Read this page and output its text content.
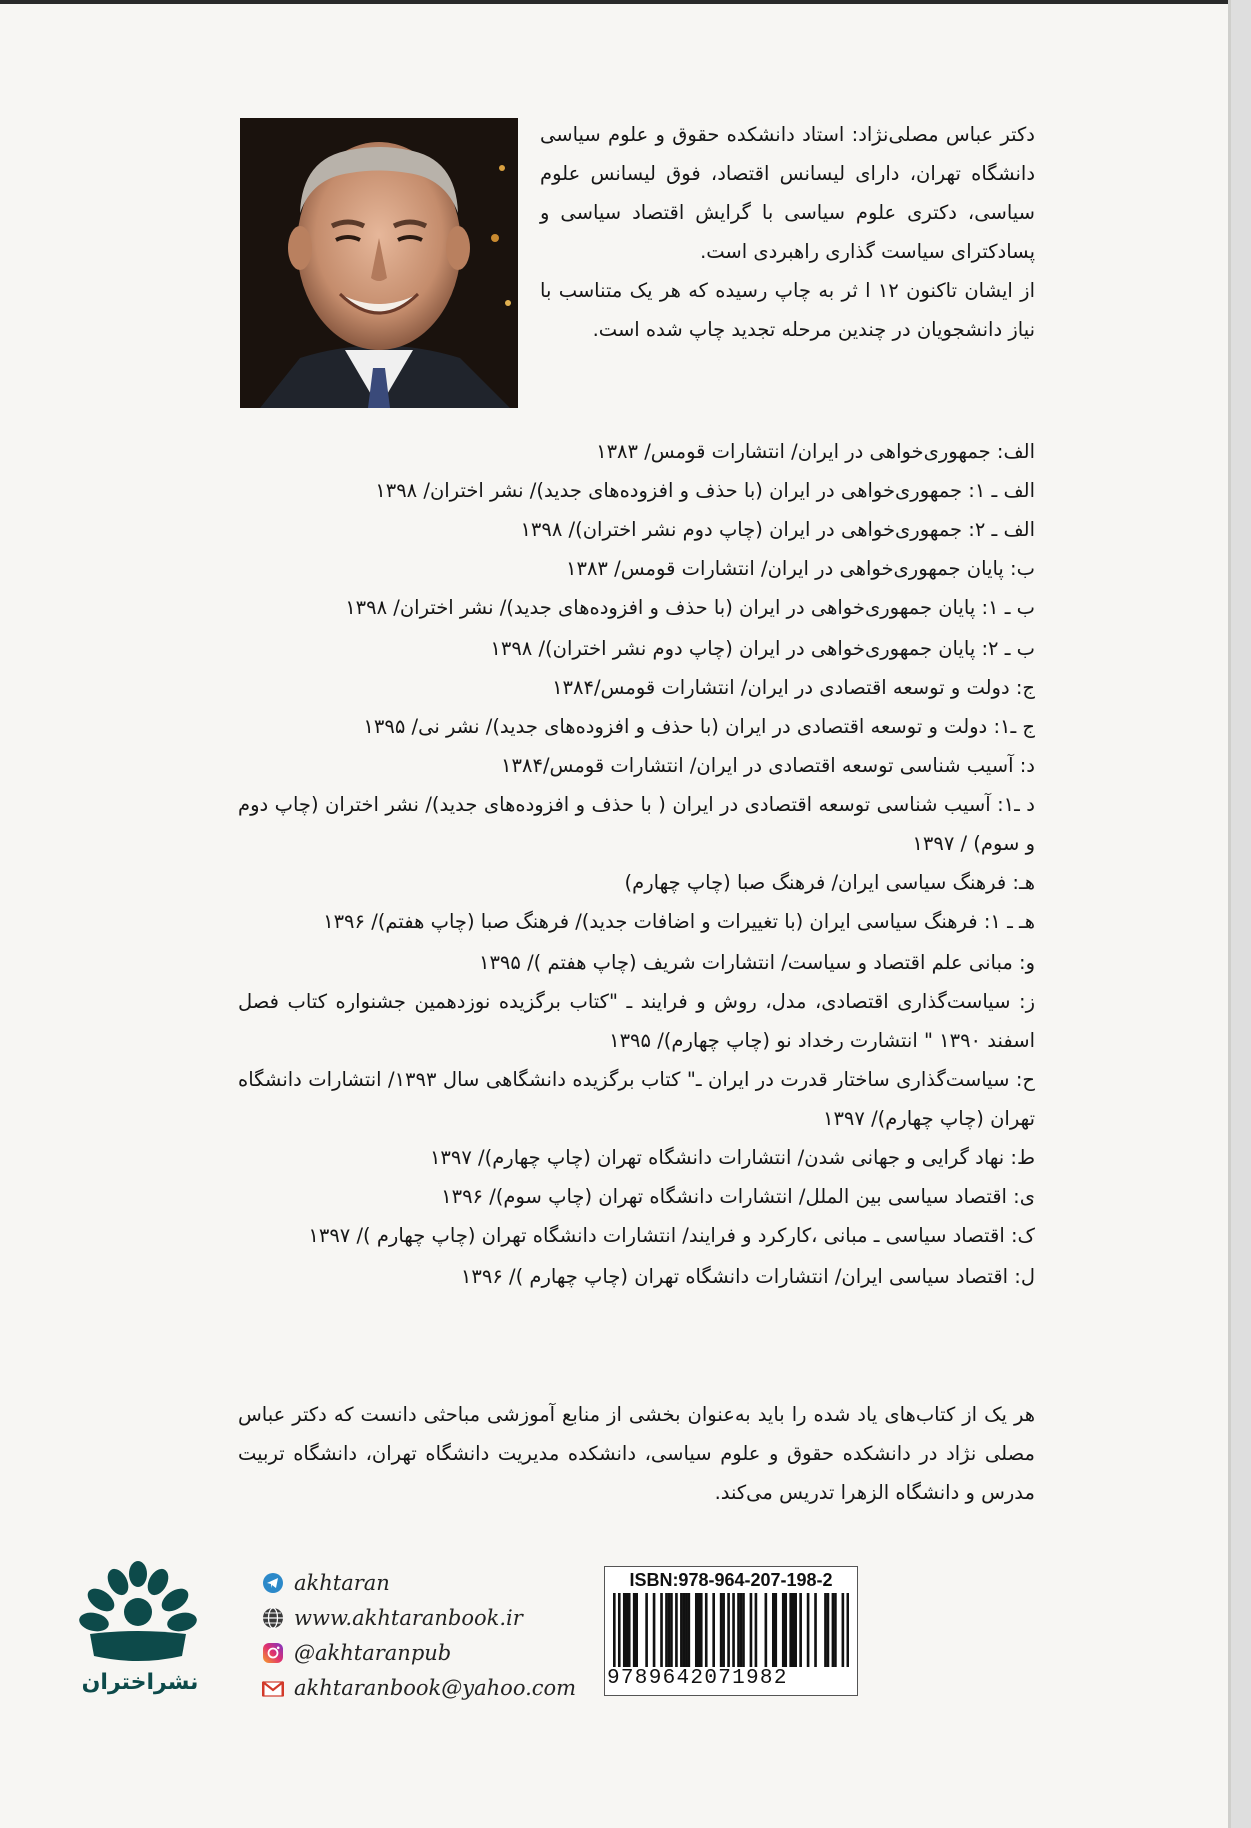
دکتر عباس مصلی‌نژاد: استاد دانشکده حقوق و علوم سیاسی دانشگاه تهران، دارای لیسانس اقتصاد، فوق لیسانس علوم سیاسی، دکتری علوم سیاسی با گرایش اقتصاد سیاسی و پسادکترای سیاست گذاری راهبردی است.

از ایشان تاکنون ۱۲ ا ثر به چاپ رسیده که هر یک متناسب با نیاز دانشجویان در چندین مرحله تجدید چاپ شده است.

الف: جمهوری‌خواهی در ایران/ انتشارات قومس/ ۱۳۸۳

الف ـ ۱: جمهوری‌خواهی در ایران (با حذف و افزوده‌های جدید)/ نشر اختران/ ۱۳۹۸

الف ـ ۲: جمهوری‌خواهی در ایران (چاپ دوم نشر اختران)/ ۱۳۹۸

ب: پایان جمهوری‌خواهی در ایران/ انتشارات قومس/ ۱۳۸۳

ب ـ ۱: پایان جمهوری‌خواهی در ایران (با حذف و افزوده‌های جدید)/ نشر اختران/ ۱۳۹۸

ب ـ ۲: پایان جمهوری‌خواهی در ایران (چاپ دوم نشر اختران)/ ۱۳۹۸

ج: دولت و توسعه اقتصادی در ایران/ انتشارات قومس/۱۳۸۴

ج ـ۱: دولت و توسعه اقتصادی در ایران (با حذف و افزوده‌های جدید)/ نشر نی/ ۱۳۹۵

د: آسیب شناسی توسعه اقتصادی در ایران/ انتشارات قومس/۱۳۸۴

د ـ۱: آسیب شناسی توسعه اقتصادی در ایران ( با حذف و افزوده‌های جدید)/ نشر اختران (چاپ دوم و سوم) / ۱۳۹۷

هـ: فرهنگ سیاسی ایران/ فرهنگ صبا (چاپ چهارم)

هـ ـ ۱: فرهنگ سیاسی ایران (با تغییرات و اضافات جدید)/ فرهنگ صبا (چاپ هفتم)/ ۱۳۹۶

و: مبانی علم اقتصاد و سیاست/ انتشارات شریف (چاپ هفتم )/ ۱۳۹۵

ز: سیاست‌گذاری اقتصادی، مدل، روش و فرایند ـ "کتاب برگزیده نوزدهمین جشنواره کتاب فصل اسفند ۱۳۹۰ " انتشارت رخداد نو (چاپ چهارم)/ ۱۳۹۵

ح: سیاست‌گذاری ساختار قدرت در ایران ـ" کتاب برگزیده دانشگاهی سال ۱۳۹۳/ انتشارات دانشگاه تهران (چاپ چهارم)/ ۱۳۹۷

ط: نهاد گرایی و جهانی شدن/ انتشارات دانشگاه تهران (چاپ چهارم)/ ۱۳۹۷

ی: اقتصاد سیاسی بین الملل/ انتشارات دانشگاه تهران (چاپ سوم)/ ۱۳۹۶

ک: اقتصاد سیاسی ـ مبانی ،کارکرد و فرایند/ انتشارات دانشگاه تهران (چاپ چهارم )/ ۱۳۹۷

ل: اقتصاد سیاسی ایران/ انتشارات دانشگاه تهران (چاپ چهارم )/ ۱۳۹۶

هر یک از کتاب‌های یاد شده را باید به‌عنوان بخشی از منابع آموزشی مباحثی دانست که دکتر عباس مصلی نژاد در دانشکده حقوق و علوم سیاسی، دانشکده مدیریت دانشگاه تهران، دانشگاه تربیت مدرس و دانشگاه الزهرا تدریس می‌کند.

نشراختران
akhtaran
www.akhtaranbook.ir
@akhtaranpub
akhtaranbook@yahoo.com
ISBN:978-964-207-198-2
9789642071982
